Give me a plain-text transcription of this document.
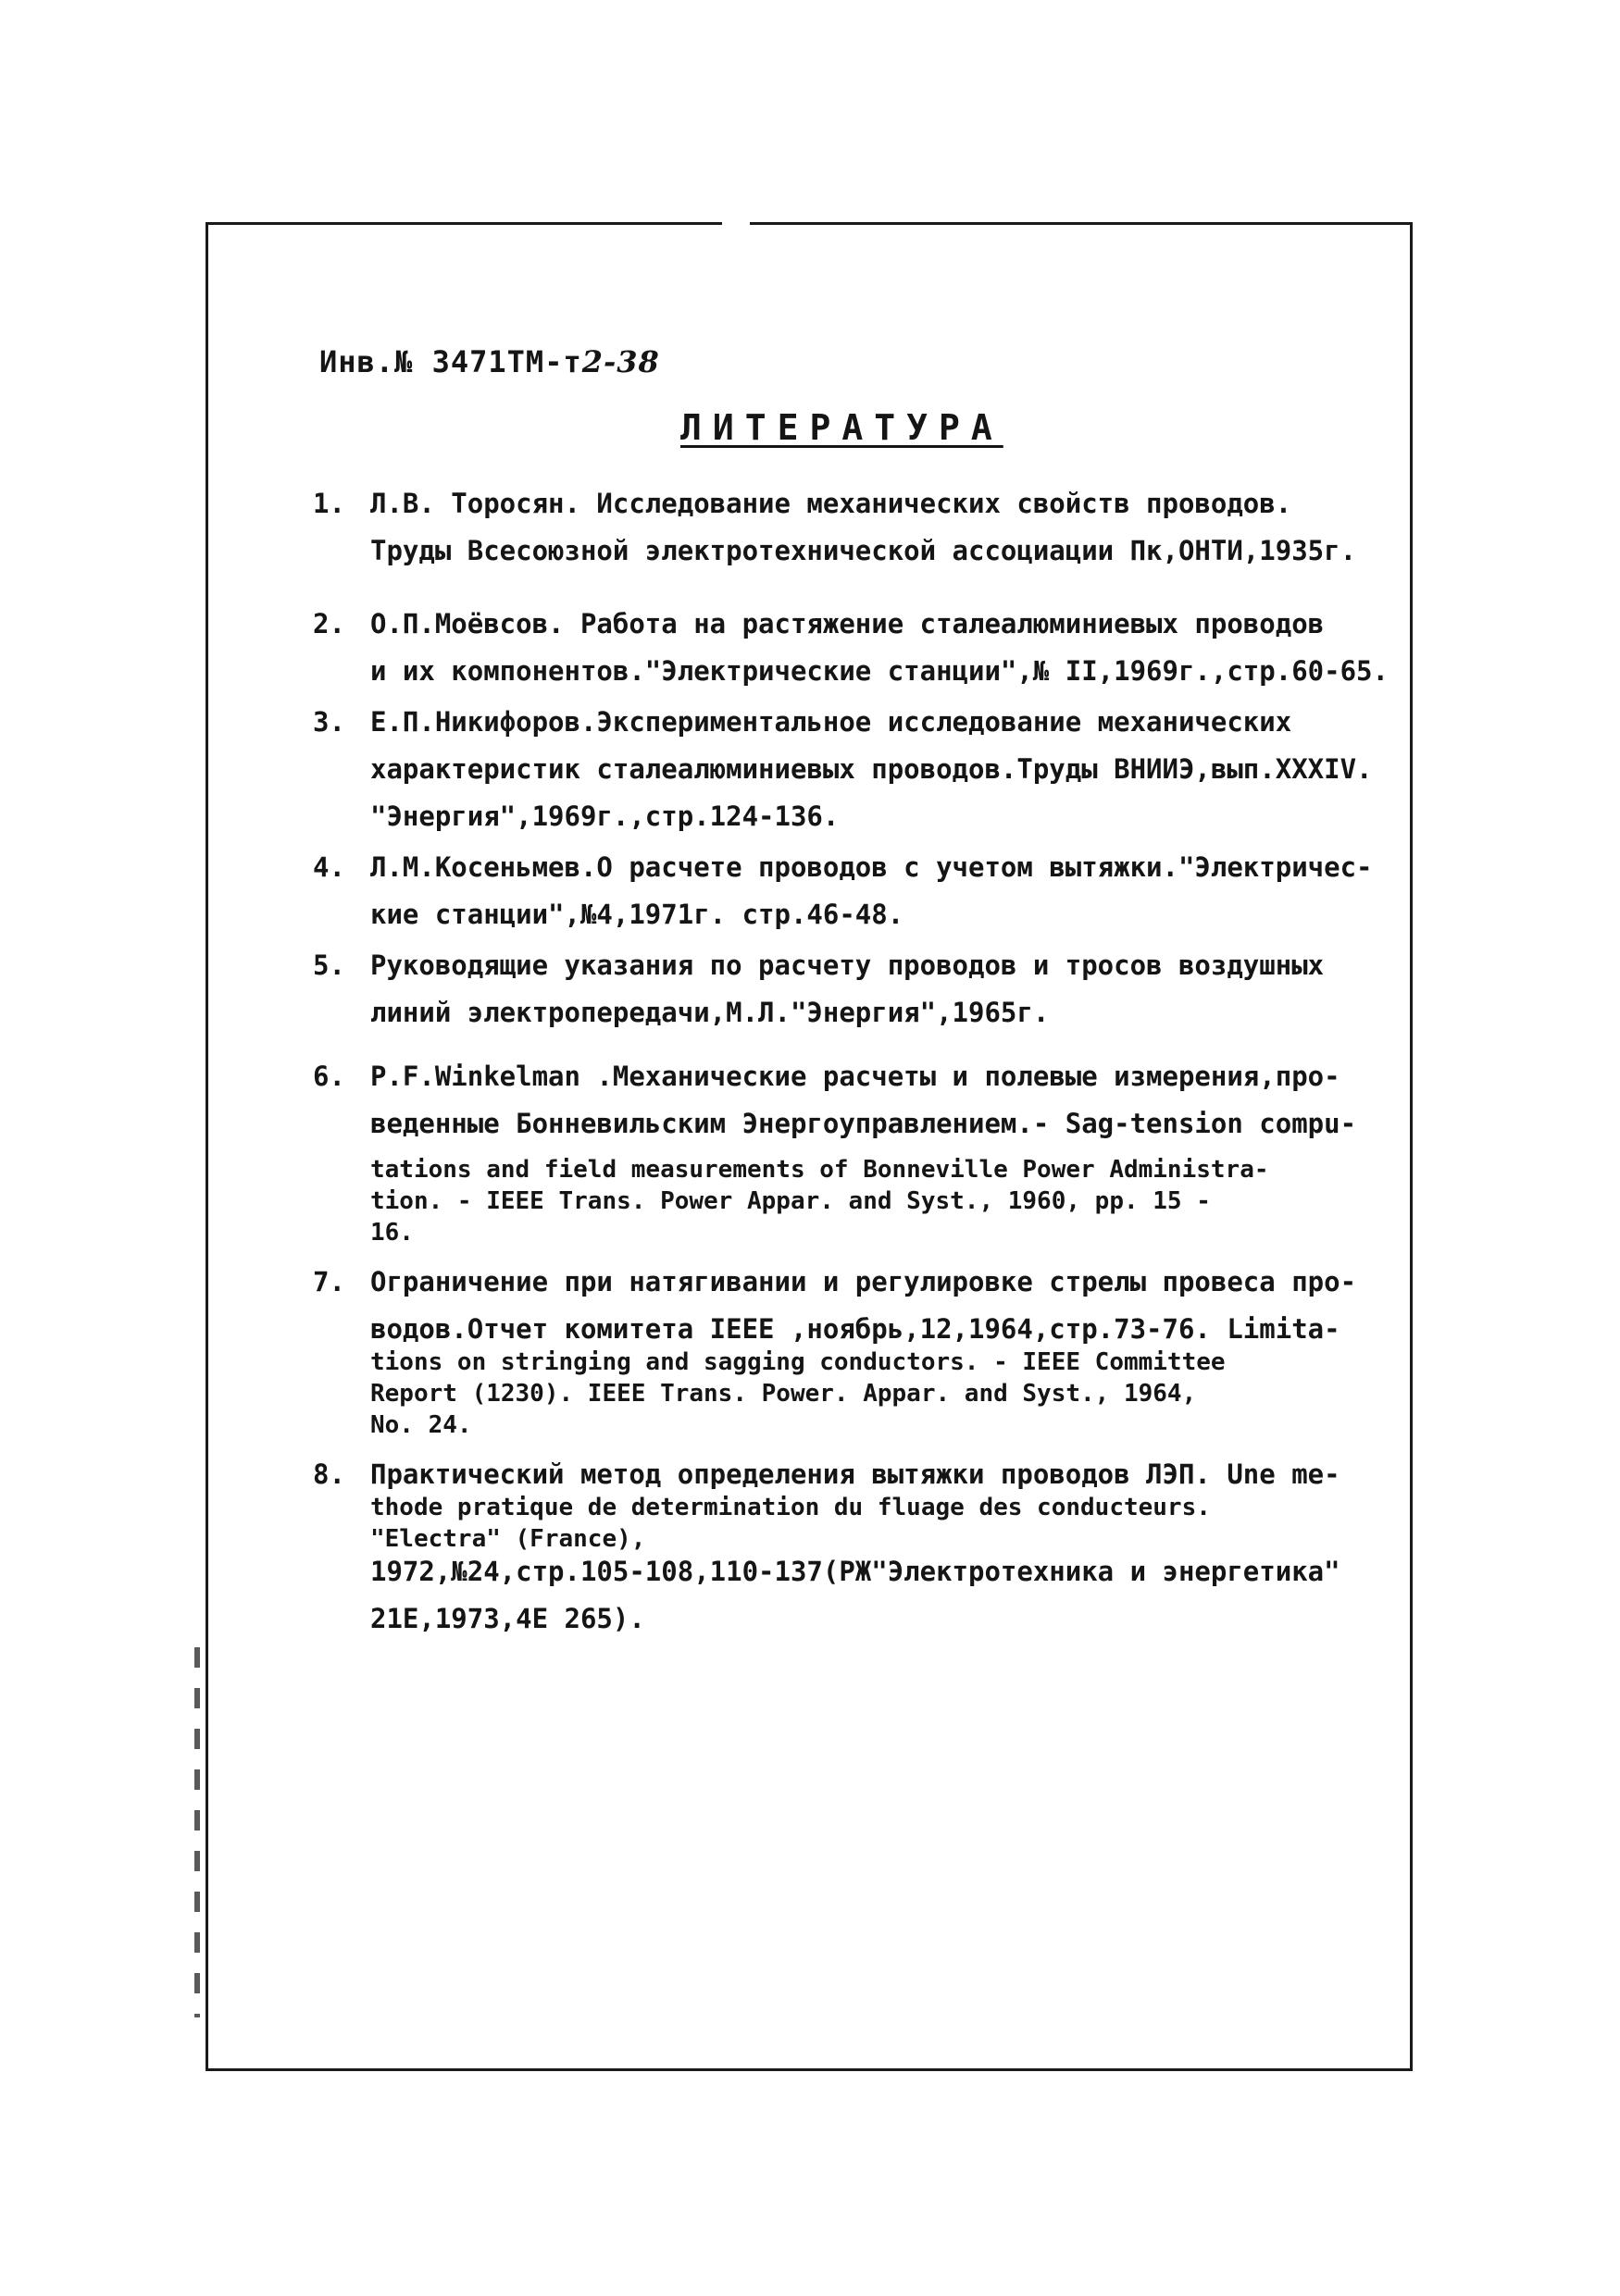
Инв.№ 3471ТМ-т2-38
ЛИТЕРАТУРА
1. Л.В. Торосян. Исследование механических свойств проводов.
Труды Всесоюзной электротехнической ассоциации Пк,ОНТИ,1935г.
2. О.П.Моёвсов. Работа на растяжение сталеалюминиевых проводов
и их компонентов."Электрические станции",№ II,1969г.,стр.60-65.
3. Е.П.Никифоров.Экспериментальное исследование механических
характеристик сталеалюминиевых проводов.Труды ВНИИЭ,вып.XXXIV.
"Энергия",1969г.,стр.124-136.
4. Л.М.Косеньмев.О расчете проводов с учетом вытяжки."Электричес-
кие станции",№4,1971г. стр.46-48.
5. Руководящие указания по расчету проводов и тросов воздушных
линий электропередачи,М.Л."Энергия",1965г.
6. P.F.Winkelman .Механические расчеты и полевые измерения,про-
веденные Бонневильским Энергоуправлением.- Sag-tension compu-
tations and field measurements of Bonneville Power Administra-
tion. - IEEE Trans. Power Appar. and Syst., 1960, pp. 15 -
16.
7. Ограничение при натягивании и регулировке стрелы провеса про-
водов.Отчет комитета IEEE ,ноябрь,12,1964,стр.73-76. Limita-
tions on stringing and sagging conductors. - IEEE Committee
Report (1230). IEEE Trans. Power. Appar. and Syst., 1964,
No. 24.
8. Практический метод определения вытяжки проводов ЛЭП. Une me-
thode pratique de determination du fluage des conducteurs.
"Electra" (France),
1972,№24,стр.105-108,110-137(РЖ"Электротехника и энергетика"
21Е,1973,4Е 265).
